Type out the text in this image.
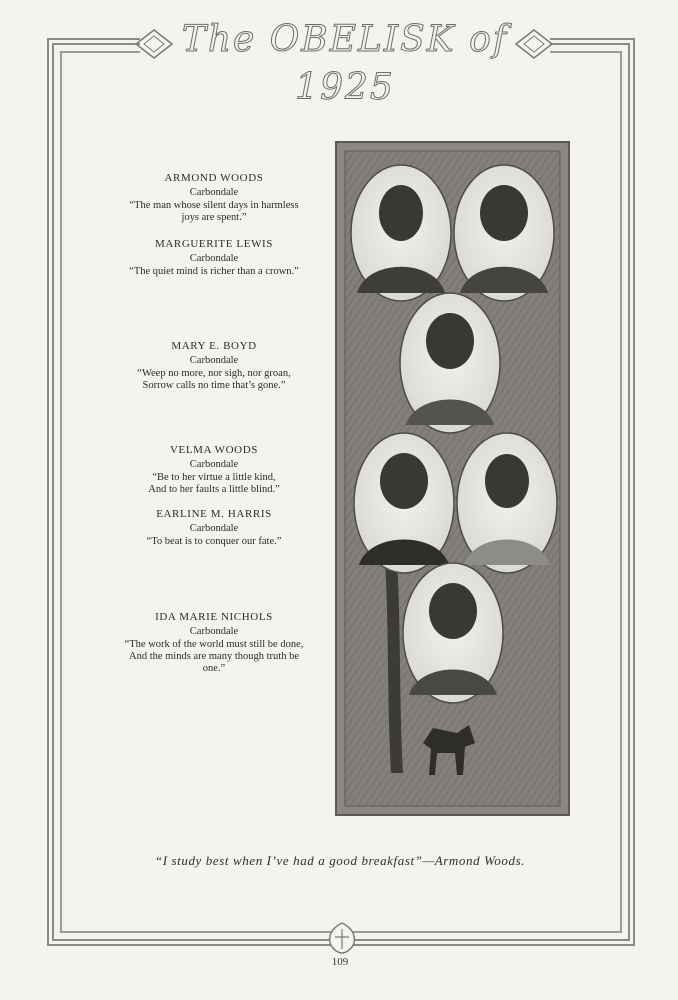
The OBELISK of 1925
ARMOND WOODS
Carbondale
“The man whose silent days in harmless
joys are spent.”
MARGUERITE LEWIS
Carbondale
“The quiet mind is richer than a crown.”
MARY E. BOYD
Carbondale
“Weep no more, nor sigh, nor groan,
Sorrow calls no time that’s gone.”
VELMA WOODS
Carbondale
“Be to her virtue a little kind,
And to her faults a little blind.”
EARLINE M. HARRIS
Carbondale
“To beat is to conquer our fate.”
IDA MARIE NICHOLS
Carbondale
“The work of the world must still be done,
And the minds are many though truth be
one.”
“I study best when I’ve had a good breakfast”—Armond Woods.
109
